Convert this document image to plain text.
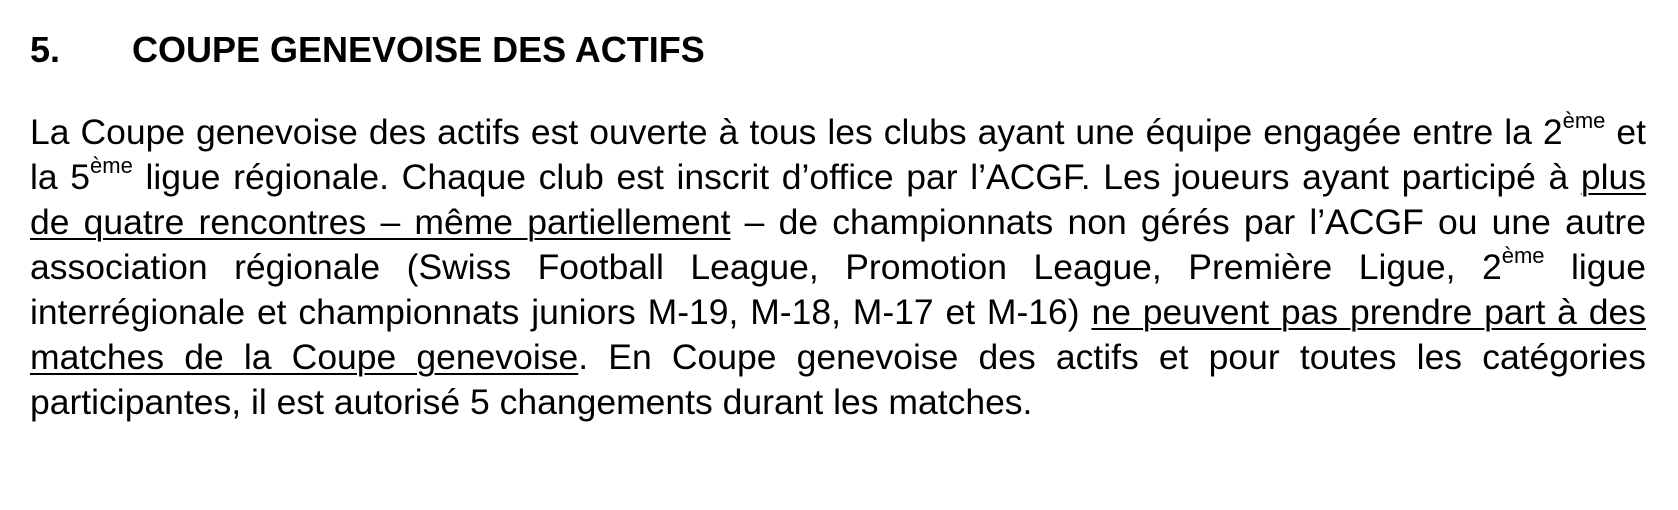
5.	COUPE GENEVOISE DES ACTIFS

La Coupe genevoise des actifs est ouverte à tous les clubs ayant une équipe engagée entre la 2ème et la 5ème ligue régionale. Chaque club est inscrit d’office par l’ACGF. Les joueurs ayant participé à plus de quatre rencontres – même partiellement – de championnats non gérés par l’ACGF ou une autre association régionale (Swiss Football League, Promotion League, Première Ligue, 2ème ligue interrégionale et championnats juniors M-19, M-18, M-17 et M-16) ne peuvent pas prendre part à des matches de la Coupe genevoise. En Coupe genevoise des actifs et pour toutes les catégories participantes, il est autorisé 5 changements durant les matches.
